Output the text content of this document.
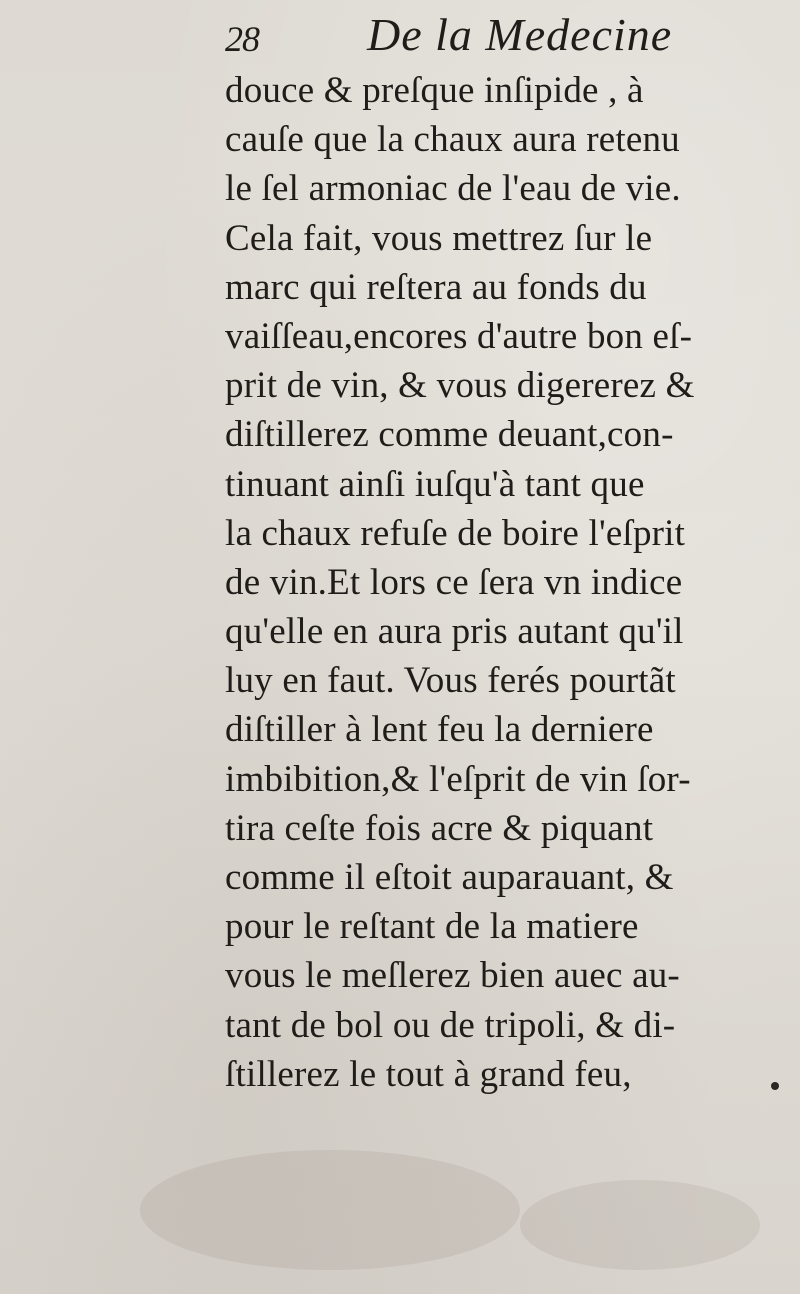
28 De la Medecine
douce & preſque inſipide , à
cauſe que la chaux aura retenu
le ſel armoniac de l'eau de vie.
Cela fait, vous mettrez ſur le
marc qui reſtera au fonds du
vaiſſeau,encores d'autre bon eſ-
prit de vin, & vous digererez &
diſtillerez comme deuant,con-
tinuant ainſi iuſqu'à tant que
la chaux refuſe de boire l'eſprit
de vin.Et lors ce ſera vn indice
qu'elle en aura pris autant qu'il
luy en faut. Vous ferés pourtãt
diſtiller à lent feu la derniere
imbibition,& l'eſprit de vin ſor-
tira ceſte fois acre & piquant
comme il eſtoit auparauant, &
pour le reſtant de la matiere
vous le meſlerez bien auec au-
tant de bol ou de tripoli, & di-
ſtillerez le tout à grand feu,
